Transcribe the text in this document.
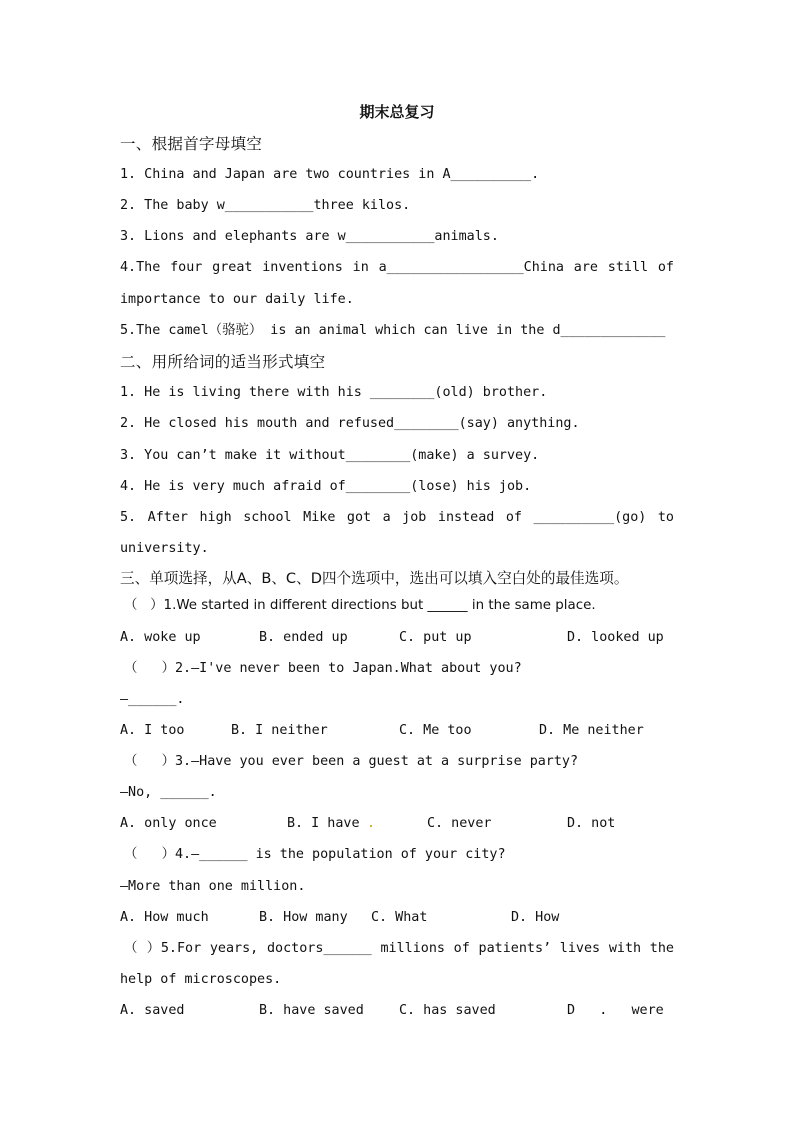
期末总复习
一、根据首字母填空
1. China and Japan are two countries in A__________.
2. The baby w___________three kilos.
3. Lions and elephants are w___________animals.
4.The four great inventions in a_________________China are still of
importance to our daily life.
5.The camel（骆驼） is an animal which can live in the d_____________
二、用所给词的适当形式填空
1. He is living there with his ________(old) brother.
2. He closed his mouth and refused________(say) anything.
3. You can’t make it without________(make) a survey.
4. He is very much afraid of________(lose) his job.
5. After high school Mike got a job instead of __________(go) to
university.
三、单项选择，从A、B、C、D四个选项中，选出可以填入空白处的最佳选项。
（   ）1.We started in different directions but ______ in the same place.
A. woke up	B. ended up	C. put up	D. looked up
（   ）2.—I've never been to Japan.What about you?
—______.
A. I too	B. I neither	C. Me too	D. Me neither
（   ）3.—Have you ever been a guest at a surprise party?
—No, ______.
A. only once	B. I have .	C. never	D. not
（   ）4.—______ is the population of your city?
—More than one million.
A. How much	B. How many C. What	D. How
（ ）5.For years, doctors______ millions of patients’ lives with the
help of microscopes.
A. saved	B. have saved	C. has saved	D   .   were
